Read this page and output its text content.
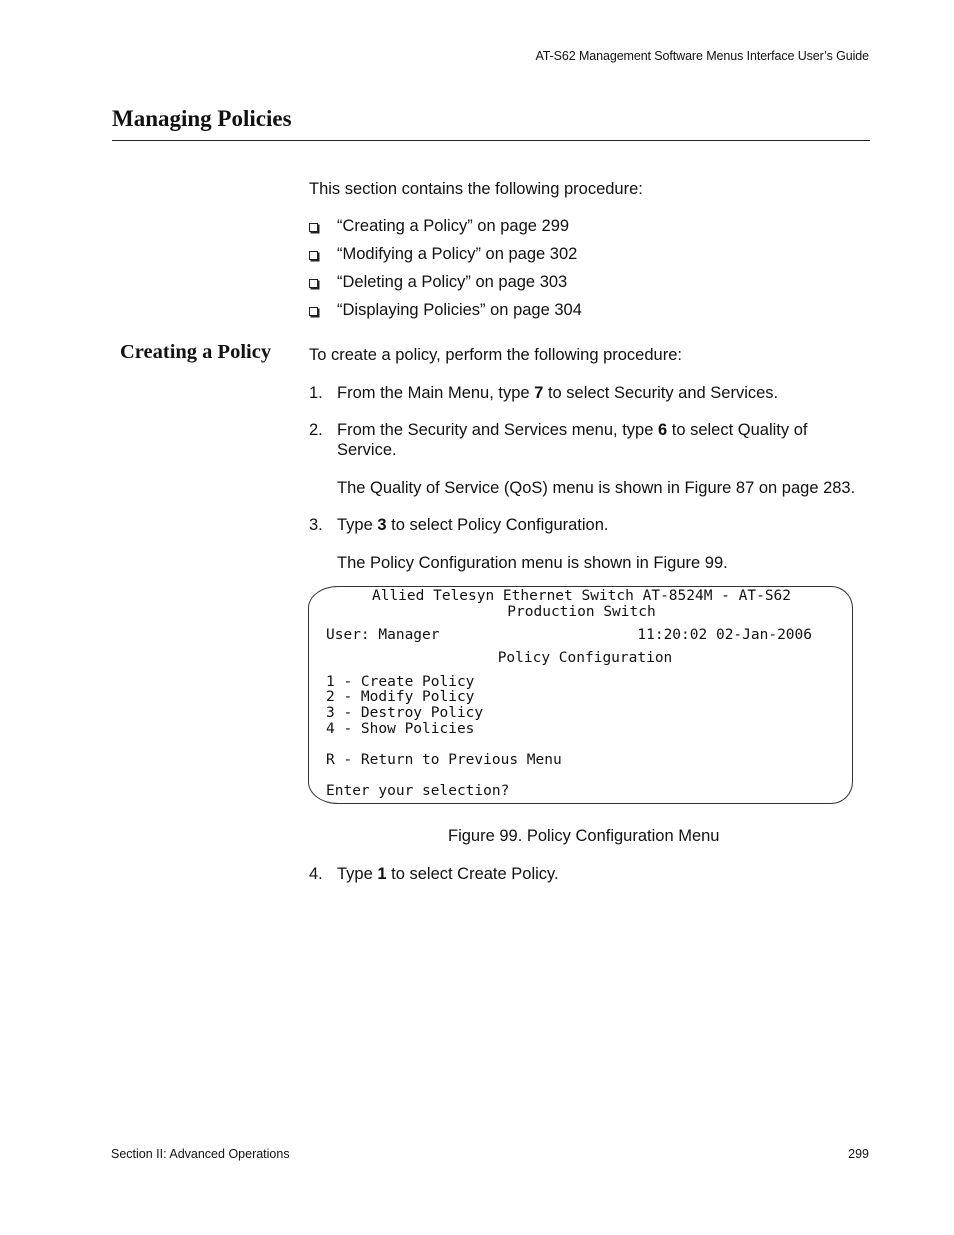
AT-S62 Management Software Menus Interface User’s Guide
Managing Policies
This section contains the following procedure:
“Creating a Policy” on page 299
“Modifying a Policy” on page 302
“Deleting a Policy” on page 303
“Displaying Policies” on page 304
Creating a Policy To create a policy, perform the following procedure:
1. From the Main Menu, type 7 to select Security and Services.
2. From the Security and Services menu, type 6 to select Quality of Service.
The Quality of Service (QoS) menu is shown in Figure 87 on page 283.
3. Type 3 to select Policy Configuration.
The Policy Configuration menu is shown in Figure 99.
Allied Telesyn Ethernet Switch AT-8524M - AT-S62
Production Switch
User: Manager	11:20:02 02-Jan-2006
Policy Configuration
1 - Create Policy
2 - Modify Policy
3 - Destroy Policy
4 - Show Policies
R - Return to Previous Menu
Enter your selection?
Figure 99. Policy Configuration Menu
4. Type 1 to select Create Policy.
Section II: Advanced Operations	299
